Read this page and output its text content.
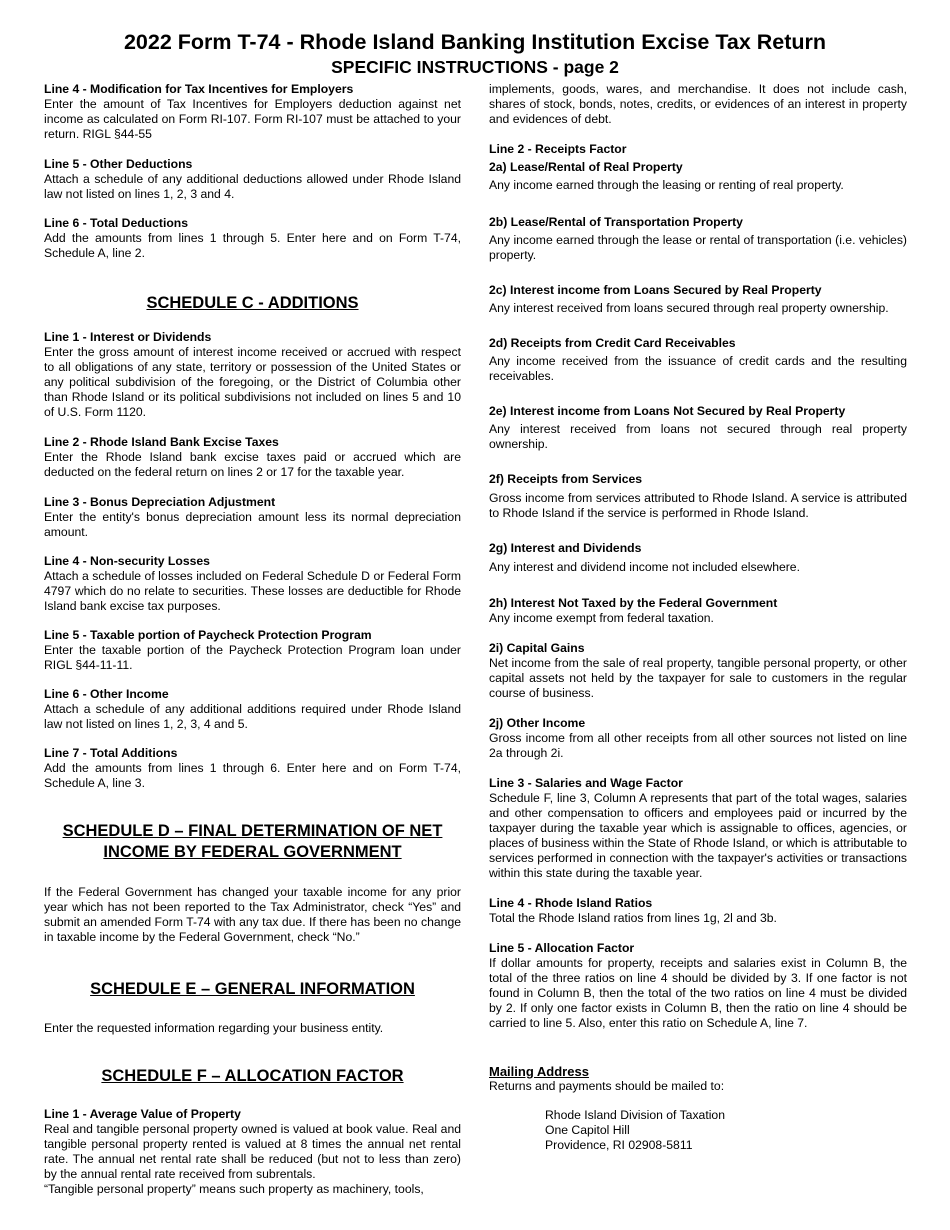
2022 Form T-74 - Rhode Island Banking Institution Excise Tax Return
SPECIFIC INSTRUCTIONS - page 2
Line 4 - Modification for Tax Incentives for Employers
Enter the amount of Tax Incentives for Employers deduction against net income as calculated on Form RI-107. Form RI-107 must be attached to your return. RIGL §44-55
Line 5 - Other Deductions
Attach a schedule of any additional deductions allowed under Rhode Island law not listed on lines 1, 2, 3 and 4.
Line 6 - Total Deductions
Add the amounts from lines 1 through 5. Enter here and on Form T-74, Schedule A, line 2.
SCHEDULE C - ADDITIONS
Line 1 - Interest or Dividends
Enter the gross amount of interest income received or accrued with respect to all obligations of any state, territory or possession of the United States or any political subdivision of the foregoing, or the District of Columbia other than Rhode Island or its political subdivisions not included on lines 5 and 10 of U.S. Form 1120.
Line 2 - Rhode Island Bank Excise Taxes
Enter the Rhode Island bank excise taxes paid or accrued which are deducted on the federal return on lines 2 or 17 for the taxable year.
Line 3 - Bonus Depreciation Adjustment
Enter the entity's bonus depreciation amount less its normal depreciation amount.
Line 4 - Non-security Losses
Attach a schedule of losses included on Federal Schedule D or Federal Form 4797 which do no relate to securities. These losses are deductible for Rhode Island bank excise tax purposes.
Line 5 - Taxable portion of Paycheck Protection Program
Enter the taxable portion of the Paycheck Protection Program loan under RIGL §44-11-11.
Line 6 - Other Income
Attach a schedule of any additional additions required under Rhode Island law not listed on lines 1, 2, 3, 4 and 5.
Line 7 - Total Additions
Add the amounts from lines 1 through 6. Enter here and on Form T-74, Schedule A, line 3.
SCHEDULE D – FINAL DETERMINATION OF NET
INCOME BY FEDERAL GOVERNMENT
If the Federal Government has changed your taxable income for any prior year which has not been reported to the Tax Administrator, check “Yes” and submit an amended Form T-74 with any tax due. If there has been no change in taxable income by the Federal Government, check “No.”
SCHEDULE E – GENERAL INFORMATION
Enter the requested information regarding your business entity.
SCHEDULE F – ALLOCATION FACTOR
Line 1 - Average Value of Property
Real and tangible personal property owned is valued at book value. Real and tangible personal property rented is valued at 8 times the annual net rental rate. The annual net rental rate shall be reduced (but not to less than zero) by the annual rental rate received from subrentals.
“Tangible personal property” means such property as machinery, tools,
implements, goods, wares, and merchandise. It does not include cash, shares of stock, bonds, notes, credits, or evidences of an interest in property and evidences of debt.
Line 2 - Receipts Factor
2a) Lease/Rental of Real Property
Any income earned through the leasing or renting of real property.
2b) Lease/Rental of Transportation Property
Any income earned through the lease or rental of transportation (i.e. vehicles) property.
2c) Interest income from Loans Secured by Real Property
Any interest received from loans secured through real property ownership.
2d) Receipts from Credit Card Receivables
Any income received from the issuance of credit cards and the resulting receivables.
2e) Interest income from Loans Not Secured by Real Property
Any interest received from loans not secured through real property ownership.
2f) Receipts from Services
Gross income from services attributed to Rhode Island. A service is attributed to Rhode Island if the service is performed in Rhode Island.
2g) Interest and Dividends
Any interest and dividend income not included elsewhere.
2h) Interest Not Taxed by the Federal Government
Any income exempt from federal taxation.
2i) Capital Gains
Net income from the sale of real property, tangible personal property, or other capital assets not held by the taxpayer for sale to customers in the regular course of business.
2j) Other Income
Gross income from all other receipts from all other sources not listed on line 2a through 2i.
Line 3 - Salaries and Wage Factor
Schedule F, line 3, Column A represents that part of the total wages, salaries and other compensation to officers and employees paid or incurred by the taxpayer during the taxable year which is assignable to offices, agencies, or places of business within the State of Rhode Island, or which is attributable to services performed in connection with the taxpayer's activities or transactions within this state during the taxable year.
Line 4 - Rhode Island Ratios
Total the Rhode Island ratios from lines 1g, 2l and 3b.
Line 5 - Allocation Factor
If dollar amounts for property, receipts and salaries exist in Column B, the total of the three ratios on line 4 should be divided by 3. If one factor is not found in Column B, then the total of the two ratios on line 4 must be divided by 2. If only one factor exists in Column B, then the ratio on line 4 should be carried to line 5. Also, enter this ratio on Schedule A, line 7.
Mailing Address
Returns and payments should be mailed to:
Rhode Island Division of Taxation
One Capitol Hill
Providence, RI 02908-5811
